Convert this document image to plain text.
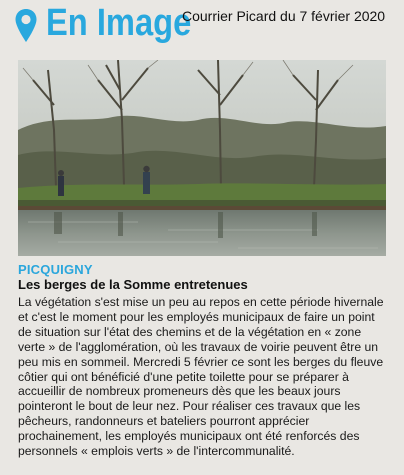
En Image
Courrier Picard du 7 février 2020
PICQUIGNY
Les berges de la Somme entretenues
La végétation s'est mise un peu au repos en cette période hivernale
et c'est le moment pour les employés municipaux de faire un point
de situation sur l'état des chemins et de la végétation en « zone
verte » de l'agglomération, où les travaux de voirie peuvent être un
peu mis en sommeil. Mercredi 5 février ce sont les berges du fleuve
côtier qui ont bénéficié d'une petite toilette pour se préparer à
accueillir de nombreux promeneurs dès que les beaux jours
pointeront le bout de leur nez. Pour réaliser ces travaux que les
pêcheurs, randonneurs et bateliers pourront apprécier
prochainement, les employés municipaux ont été renforcés des
personnels « emplois verts » de l'intercommunalité.
